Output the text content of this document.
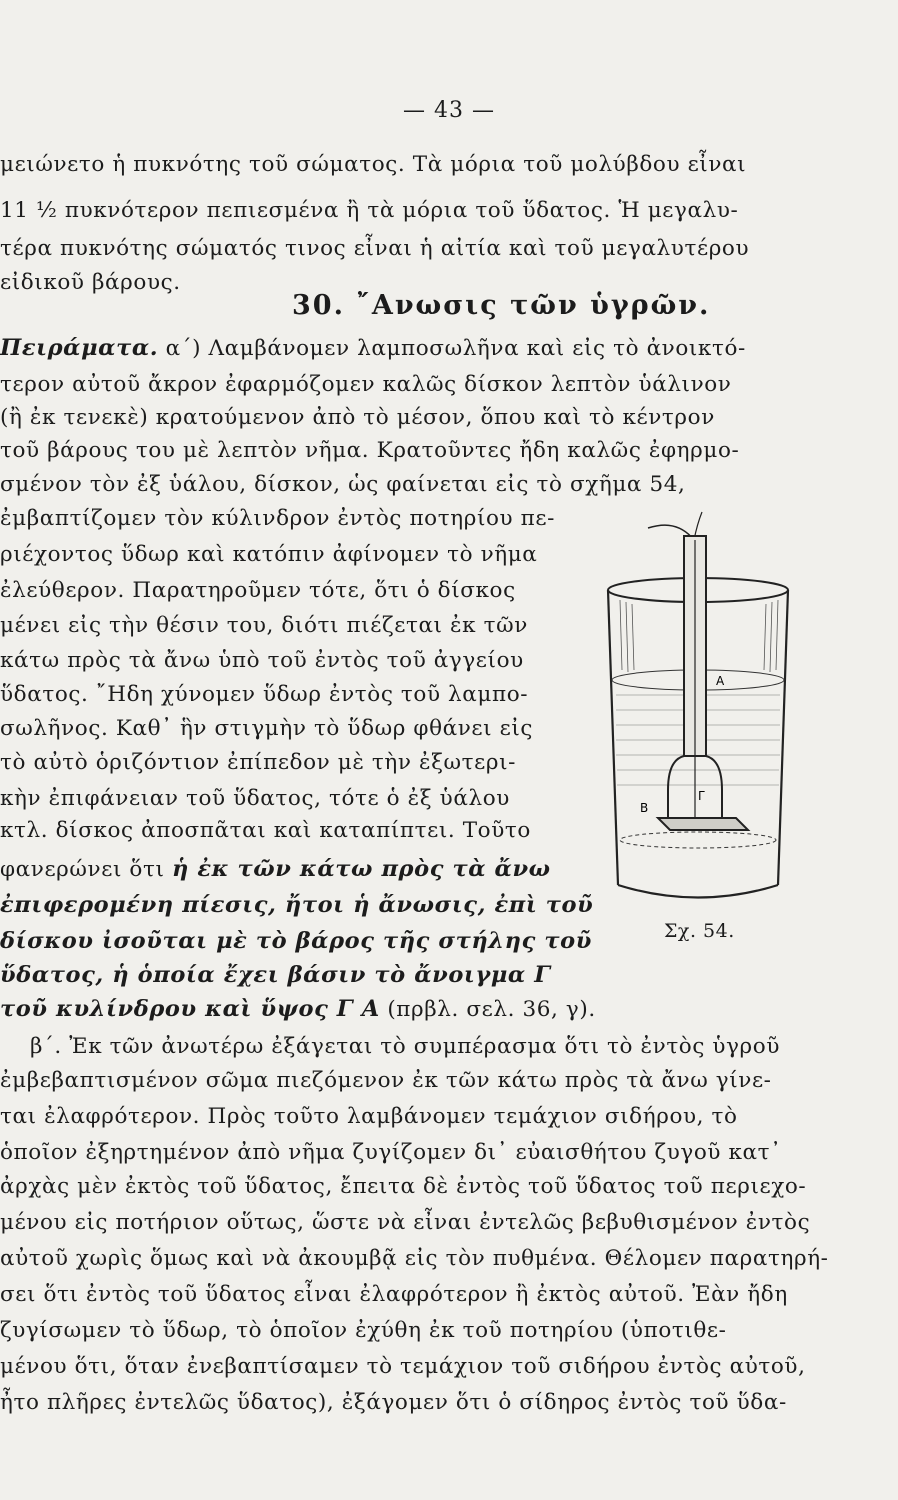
— 43 —
μειώνετο ἡ πυκνότης τοῦ σώματος. Τὰ μόρια τοῦ μολύβδου εἶναι
11 ½ πυκνότερον πεπιεσμένα ἢ τὰ μόρια τοῦ ὕδατος. Ἡ μεγαλυ-
τέρα πυκνότης σώματός τινος εἶναι ἡ αἰτία καὶ τοῦ μεγαλυτέρου
εἰδικοῦ βάρους.
30. ῎Ανωσις τῶν ὑγρῶν.
Πειράματα. α΄) Λαμβάνομεν λαμποσωλῆνα καὶ εἰς τὸ ἀνοικτό-
τερον αὐτοῦ ἄκρον ἐφαρμόζομεν καλῶς δίσκον λεπτὸν ὑάλινον
(ἢ ἐκ τενεκὲ) κρατούμενον ἀπὸ τὸ μέσον, ὅπου καὶ τὸ κέντρον
τοῦ βάρους του μὲ λεπτὸν νῆμα. Κρατοῦντες ἤδη καλῶς ἐφηρμο-
σμένον τὸν ἐξ ὑάλου, δίσκον, ὡς φαίνεται εἰς τὸ σχῆμα 54,
ἐμβαπτίζομεν τὸν κύλινδρον ἐντὸς ποτηρίου πε-
ριέχοντος ὕδωρ καὶ κατόπιν ἀφίνομεν τὸ νῆμα
ἐλεύθερον. Παρατηροῦμεν τότε, ὅτι ὁ δίσκος
μένει εἰς τὴν θέσιν του, διότι πιέζεται ἐκ τῶν
κάτω πρὸς τὰ ἄνω ὑπὸ τοῦ ἐντὸς τοῦ ἀγγείου
ὕδατος. ῎Ηδη χύνομεν ὕδωρ ἐντὸς τοῦ λαμπο-
σωλῆνος. Καθ᾽ ἣν στιγμὴν τὸ ὕδωρ φθάνει εἰς
τὸ αὐτὸ ὁριζόντιον ἐπίπεδον μὲ τὴν ἐξωτερι-
κὴν ἐπιφάνειαν τοῦ ὕδατος, τότε ὁ ἐξ ὑάλου
κτλ. δίσκος ἀποσπᾶται καὶ καταπίπτει. Τοῦτο
φανερώνει ὅτι ἡ ἐκ τῶν κάτω πρὸς τὰ ἄνω
ἐπιφερομένη πίεσις, ἤτοι ἡ ἄνωσις, ἐπὶ τοῦ
δίσκου ἰσοῦται μὲ τὸ βάρος τῆς στήλης τοῦ
ὕδατος, ἡ ὁποία ἔχει βάσιν τὸ ἄνοιγμα Γ
τοῦ κυλίνδρου καὶ ὕψος Γ Α (πρβλ. σελ. 36, γ).
β΄. Ἐκ τῶν ἀνωτέρω ἐξάγεται τὸ συμπέρασμα ὅτι τὸ ἐντὸς ὑγροῦ
ἐμβεβαπτισμένον σῶμα πιεζόμενον ἐκ τῶν κάτω πρὸς τὰ ἄνω γίνε-
ται ἐλαφρότερον. Πρὸς τοῦτο λαμβάνομεν τεμάχιον σιδήρου, τὸ
ὁποῖον ἐξηρτημένον ἀπὸ νῆμα ζυγίζομεν δι᾽ εὐαισθήτου ζυγοῦ κατ᾽
ἀρχὰς μὲν ἐκτὸς τοῦ ὕδατος, ἔπειτα δὲ ἐντὸς τοῦ ὕδατος τοῦ περιεχο-
μένου εἰς ποτήριον οὕτως, ὥστε νὰ εἶναι ἐντελῶς βεβυθισμένον ἐντὸς
αὐτοῦ χωρὶς ὅμως καὶ νὰ ἀκουμβᾷ εἰς τὸν πυθμένα. Θέλομεν παρατηρή-
σει ὅτι ἐντὸς τοῦ ὕδατος εἶναι ἐλαφρότερον ἢ ἐκτὸς αὐτοῦ. Ἐὰν ἤδη
ζυγίσωμεν τὸ ὕδωρ, τὸ ὁποῖον ἐχύθη ἐκ τοῦ ποτηρίου (ὑποτιθε-
μένου ὅτι, ὅταν ἐνεβαπτίσαμεν τὸ τεμάχιον τοῦ σιδήρου ἐντὸς αὐτοῦ,
ἦτο πλῆρες ἐντελῶς ὕδατος), ἐξάγομεν ὅτι ὁ σίδηρος ἐντὸς τοῦ ὕδα-
Α
Β
Γ
Σχ. 54.
